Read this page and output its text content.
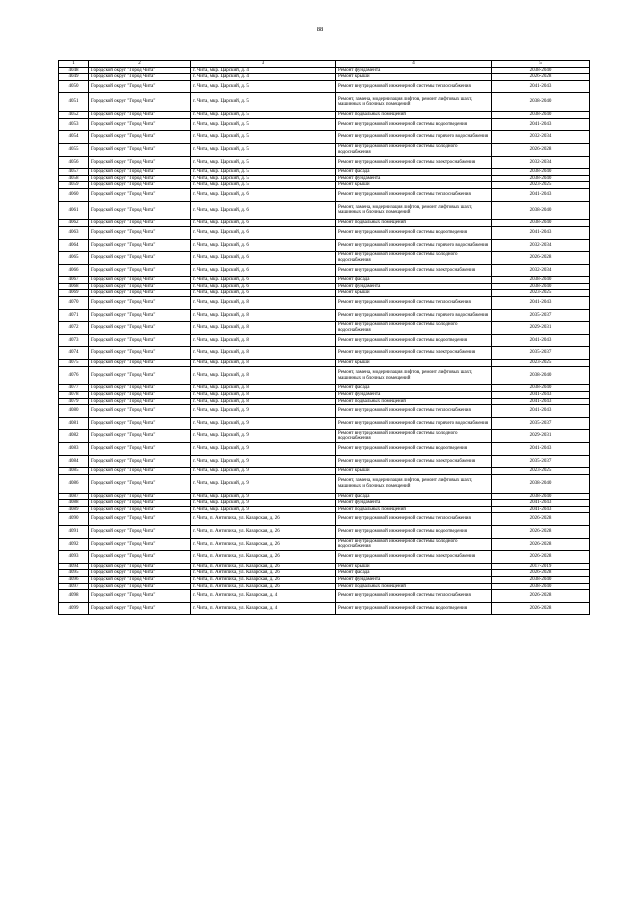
88
1	2	3	4	5
4048	Городской округ "Город Чита"	г. Чита, мкр. Царский, д. 4	Ремонт фундамента	2038-2040
4049	Городской округ "Город Чита"	г. Чита, мкр. Царский, д. 4	Ремонт крыши	2026-2028
4050	Городской округ "Город Чита"	г. Чита, мкр. Царский, д. 5	Ремонт внутридомовой инженерной системы теплоснабжения	2041-2043
4051	Городской округ "Город Чита"	г. Чита, мкр. Царский, д. 5	Ремонт, замена, модернизация лифтов, ремонт лифтовых шахт, машинных и блочных помещений	2038-2040
4052	Городской округ "Город Чита"	г. Чита, мкр. Царский, д. 5	Ремонт подвальных помещений	2038-2040
4053	Городской округ "Город Чита"	г. Чита, мкр. Царский, д. 5	Ремонт внутридомовой инженерной системы водоотведения	2041-2043
4054	Городской округ "Город Чита"	г. Чита, мкр. Царский, д. 5	Ремонт внутридомовой инженерной системы горячего водоснабжения	2032-2034
4055	Городской округ "Город Чита"	г. Чита, мкр. Царский, д. 5	Ремонт внутридомовой инженерной системы холодного водоснабжения	2026-2028
4056	Городской округ "Город Чита"	г. Чита, мкр. Царский, д. 5	Ремонт внутридомовой инженерной системы электроснабжения	2032-2034
4057	Городской округ "Город Чита"	г. Чита, мкр. Царский, д. 5	Ремонт фасада	2038-2040
4058	Городской округ "Город Чита"	г. Чита, мкр. Царский, д. 5	Ремонт фундамента	2038-2040
4059	Городской округ "Город Чита"	г. Чита, мкр. Царский, д. 5	Ремонт крыши	2023-2025
4060	Городской округ "Город Чита"	г. Чита, мкр. Царский, д. 6	Ремонт внутридомовой инженерной системы теплоснабжения	2041-2043
4061	Городской округ "Город Чита"	г. Чита, мкр. Царский, д. 6	Ремонт, замена, модернизация лифтов, ремонт лифтовых шахт, машинных и блочных помещений	2038-2040
4062	Городской округ "Город Чита"	г. Чита, мкр. Царский, д. 6	Ремонт подвальных помещений	2038-2040
4063	Городской округ "Город Чита"	г. Чита, мкр. Царский, д. 6	Ремонт внутридомовой инженерной системы водоотведения	2041-2043
4064	Городской округ "Город Чита"	г. Чита, мкр. Царский, д. 6	Ремонт внутридомовой инженерной системы горячего водоснабжения	2032-2034
4065	Городской округ "Город Чита"	г. Чита, мкр. Царский, д. 6	Ремонт внутридомовой инженерной системы холодного водоснабжения	2026-2028
4066	Городской округ "Город Чита"	г. Чита, мкр. Царский, д. 6	Ремонт внутридомовой инженерной системы электроснабжения	2032-2034
4067	Городской округ "Город Чита"	г. Чита, мкр. Царский, д. 6	Ремонт фасада	2038-2040
4068	Городской округ "Город Чита"	г. Чита, мкр. Царский, д. 6	Ремонт фундамента	2038-2040
4069	Городской округ "Город Чита"	г. Чита, мкр. Царский, д. 6	Ремонт крыши	2023-2025
4070	Городской округ "Город Чита"	г. Чита, мкр. Царский, д. 8	Ремонт внутридомовой инженерной системы теплоснабжения	2041-2043
4071	Городской округ "Город Чита"	г. Чита, мкр. Царский, д. 8	Ремонт внутридомовой инженерной системы горячего водоснабжения	2035-2037
4072	Городской округ "Город Чита"	г. Чита, мкр. Царский, д. 8	Ремонт внутридомовой инженерной системы холодного водоснабжения	2029-2031
4073	Городской округ "Город Чита"	г. Чита, мкр. Царский, д. 8	Ремонт внутридомовой инженерной системы водоотведения	2041-2043
4074	Городской округ "Город Чита"	г. Чита, мкр. Царский, д. 8	Ремонт внутридомовой инженерной системы электроснабжения	2035-2037
4075	Городской округ "Город Чита"	г. Чита, мкр. Царский, д. 8	Ремонт крыши	2023-2025
4076	Городской округ "Город Чита"	г. Чита, мкр. Царский, д. 8	Ремонт, замена, модернизация лифтов, ремонт лифтовых шахт, машинных и блочных помещений	2038-2040
4077	Городской округ "Город Чита"	г. Чита, мкр. Царский, д. 8	Ремонт фасада	2038-2040
4078	Городской округ "Город Чита"	г. Чита, мкр. Царский, д. 8	Ремонт фундамента	2041-2043
4079	Городской округ "Город Чита"	г. Чита, мкр. Царский, д. 8	Ремонт подвальных помещений	2041-2043
4080	Городской округ "Город Чита"	г. Чита, мкр. Царский, д. 9	Ремонт внутридомовой инженерной системы теплоснабжения	2041-2043
4081	Городской округ "Город Чита"	г. Чита, мкр. Царский, д. 9	Ремонт внутридомовой инженерной системы горячего водоснабжения	2035-2037
4082	Городской округ "Город Чита"	г. Чита, мкр. Царский, д. 9	Ремонт внутридомовой инженерной системы холодного водоснабжения	2029-2031
4083	Городской округ "Город Чита"	г. Чита, мкр. Царский, д. 9	Ремонт внутридомовой инженерной системы водоотведения	2041-2043
4084	Городской округ "Город Чита"	г. Чита, мкр. Царский, д. 9	Ремонт внутридомовой инженерной системы электроснабжения	2035-2037
4085	Городской округ "Город Чита"	г. Чита, мкр. Царский, д. 9	Ремонт крыши	2023-2025
4086	Городской округ "Город Чита"	г. Чита, мкр. Царский, д. 9	Ремонт, замена, модернизация лифтов, ремонт лифтовых шахт, машинных и блочных помещений	2038-2040
4087	Городской округ "Город Чита"	г. Чита, мкр. Царский, д. 9	Ремонт фасада	2038-2040
4088	Городской округ "Город Чита"	г. Чита, мкр. Царский, д. 9	Ремонт фундамента	2041-2043
4089	Городской округ "Город Чита"	г. Чита, мкр. Царский, д. 9	Ремонт подвальных помещений	2041-2043
4090	Городской округ "Город Чита"	г. Чита, п. Антипиха, ул. Казарская, д. 26	Ремонт внутридомовой инженерной системы теплоснабжения	2026-2028
4091	Городской округ "Город Чита"	г. Чита, п. Антипиха, ул. Казарская, д. 26	Ремонт внутридомовой инженерной системы водоотведения	2026-2028
4092	Городской округ "Город Чита"	г. Чита, п. Антипиха, ул. Казарская, д. 26	Ремонт внутридомовой инженерной системы холодного водоснабжения	2026-2028
4093	Городской округ "Город Чита"	г. Чита, п. Антипиха, ул. Казарская, д. 26	Ремонт внутридомовой инженерной системы электроснабжения	2026-2028
4094	Городской округ "Город Чита"	г. Чита, п. Антипиха, ул. Казарская, д. 26	Ремонт крыши	2017-2019
4095	Городской округ "Город Чита"	г. Чита, п. Антипиха, ул. Казарская, д. 26	Ремонт фасада	2026-2028
4096	Городской округ "Город Чита"	г. Чита, п. Антипиха, ул. Казарская, д. 26	Ремонт фундамента	2038-2040
4097	Городской округ "Город Чита"	г. Чита, п. Антипиха, ул. Казарская, д. 26	Ремонт подвальных помещений	2038-2040
4098	Городской округ "Город Чита"	г. Чита, п. Антипиха, ул. Казарская, д. 4	Ремонт внутридомовой инженерной системы теплоснабжения	2026-2028
4099	Городской округ "Город Чита"	г. Чита, п. Антипиха, ул. Казарская, д. 4	Ремонт внутридомовой инженерной системы водоотведения	2026-2028
